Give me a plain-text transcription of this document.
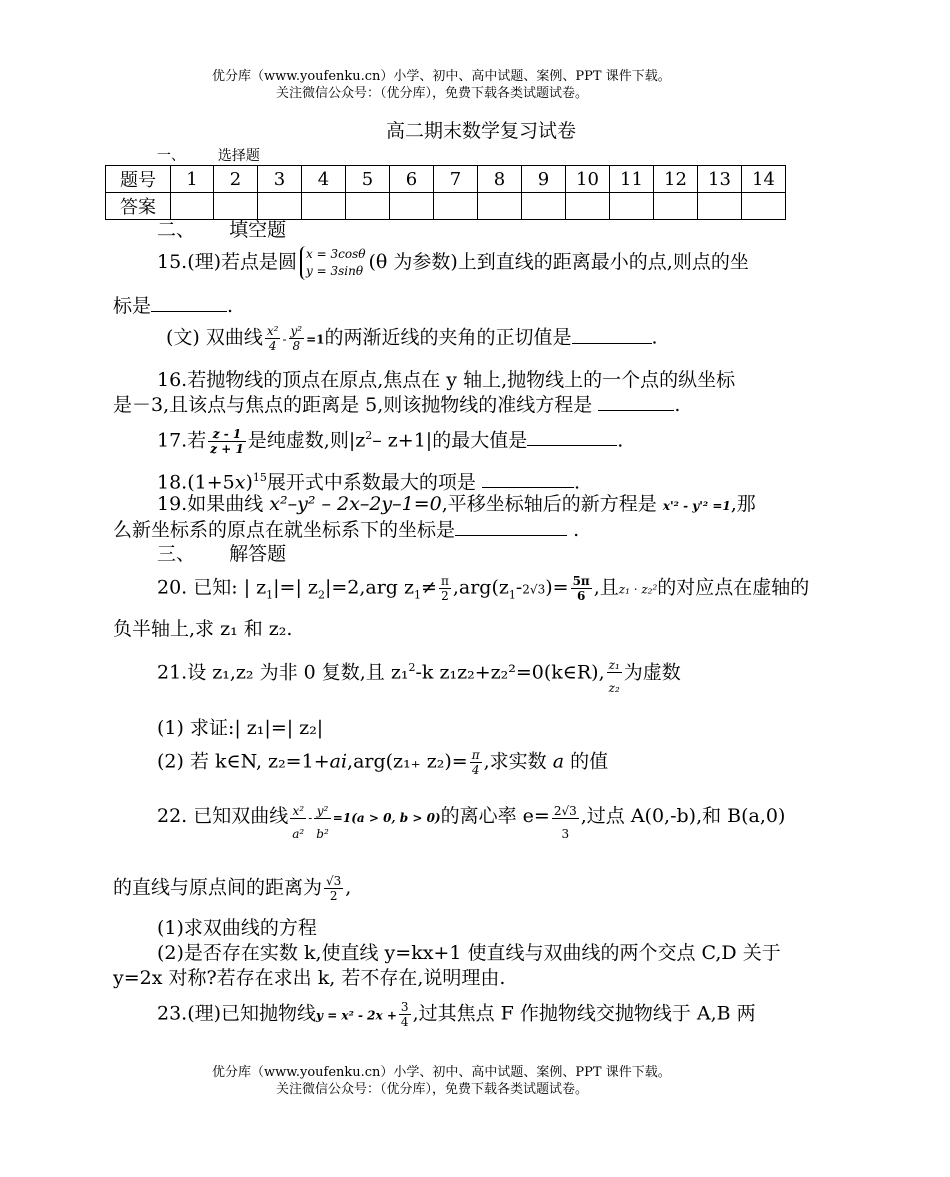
优分库（www.youfenku.cn）小学、初中、高中试题、案例、PPT 课件下载。
关注微信公众号：（优分库），免费下载各类试题试卷。
高二期末数学复习试卷
一、 选择题
题号	1	2	3	4	5	6	7	8	9	10	11	12	13	14
答案														
二、 填空题
15.(理)若点是圆 x = 3cosθ
y = 3sinθ (θ 为参数)上到直线的距离最小的点,则点的坐
标是	.
(文) 双曲线 $\frac{\text{x²}}{4} - \frac{\text{y²}}{8} =1$的两渐近线的夹角的正切值是	.
16.若抛物线的顶点在原点,焦点在 y 轴上,抛物线上的一个点的纵坐标
是－3,且该点与焦点的距离是 5,则该抛物线的准线方程是	.
17.若 $\frac{z - 1}{z + 1}$ 是纯虚数,则$|z^2-$ z+1|的最大值是	.
$18.(1+5x)^{15}$展开式中系数最大的项是	.
19.如果曲线 x²–y² – 2x–2y–1=0,平移坐标轴后的新方程是 x'² - y'² =1,那
么新坐标系的原点在就坐标系下的坐标是	.
三、 解答题
20. 已知: | $z_1|=|$ $z_2|=2,arg$ $z_1\ne \frac{\pi}{2} ,arg(z_1-2√3)= \frac{5\pi}{6}$ ,且z₁ · z₂²的对应点在虚轴的
负半轴上,求 z₁ 和 z₂.
21.设 z₁,z₂ 为非 0 复数,且 z₁$^2$-k z₁z₂+z₂²=0(k∈R), $\frac{\text{z₁}}{\text{z₂}}$ 为虚数
(1) 求证:| z₁|=| z₂|
(2) 若 k∈N, z₂=1+ai,arg(z₁₊ $z_2)= \frac{\pi}{4}$ ,求实数 a 的值
22. 已知双曲线 $\frac{\text{x²}}{\text{a²}} - \frac{\text{y²}}{\text{b²}} =1(a > 0$, b > 0)的离心率 $e= \frac{2√3}{3}$ ,过点 A(0,-b),和 B(a,0)
的直线与原点间的距离为 $\frac{√3}{2}$ ,
(1)求双曲线的方程
(2)是否存在实数 k,使直线 y=kx+1 使直线与双曲线的两个交点 C,D 关于
y=2x 对称?若存在求出 k, 若不存在,说明理由.
23.(理)已知抛物线$y = x^2 - 2x + \frac{3}{4}$ ,过其焦点 F 作抛物线交抛物线于 A,B 两
优分库（www.youfenku.cn）小学、初中、高中试题、案例、PPT 课件下载。
关注微信公众号：（优分库），免费下载各类试题试卷。
